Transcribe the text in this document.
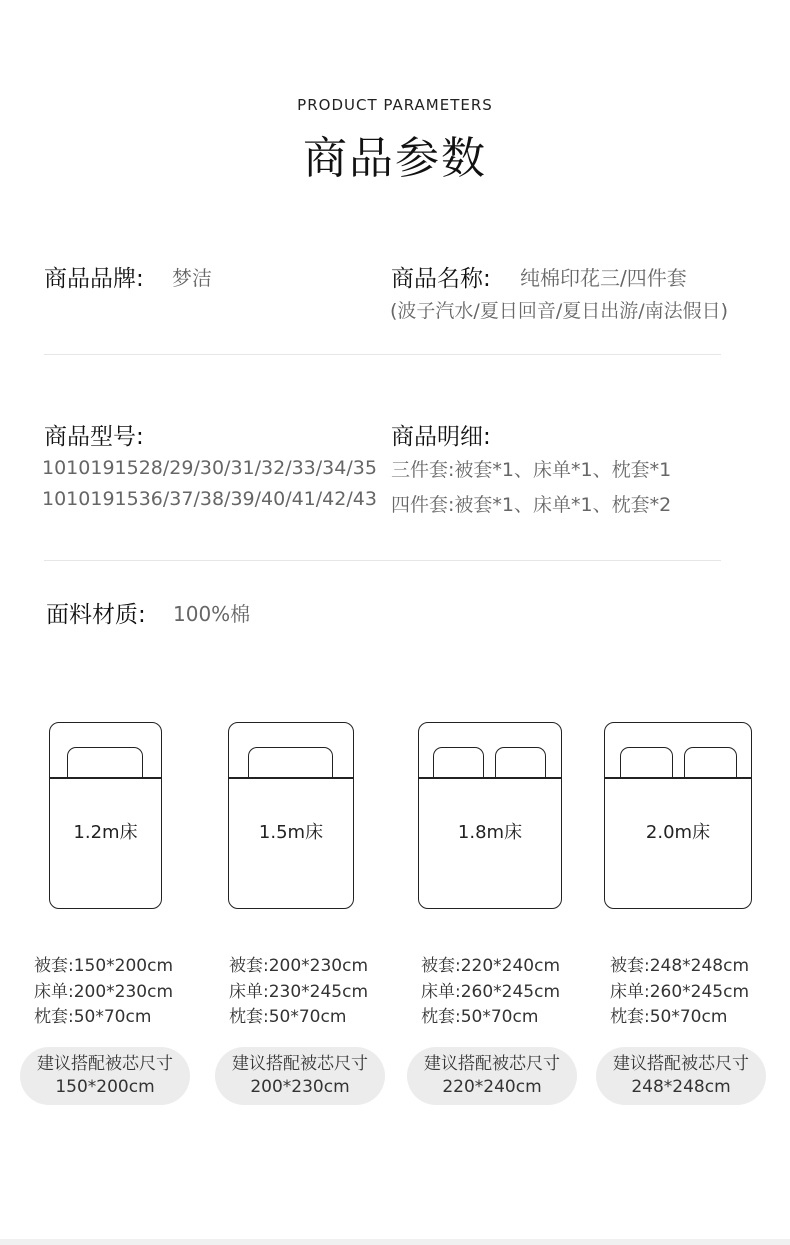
PRODUCT PARAMETERS
商品参数
商品品牌: 梦洁	商品名称: 纯棉印花三/四件套
(波子汽水/夏日回音/夏日出游/南法假日)
商品型号:
1010191528/29/30/31/32/33/34/35
1010191536/37/38/39/40/41/42/43
商品明细:
三件套:被套*1、床单*1、枕套*1
四件套:被套*1、床单*1、枕套*2
面料材质: 100%棉
1.2m床
被套:150*200cm
床单:200*230cm
枕套:50*70cm
建议搭配被芯尺寸
150*200cm
1.5m床
被套:200*230cm
床单:230*245cm
枕套:50*70cm
建议搭配被芯尺寸
200*230cm
1.8m床
被套:220*240cm
床单:260*245cm
枕套:50*70cm
建议搭配被芯尺寸
220*240cm
2.0m床
被套:248*248cm
床单:260*245cm
枕套:50*70cm
建议搭配被芯尺寸
248*248cm
